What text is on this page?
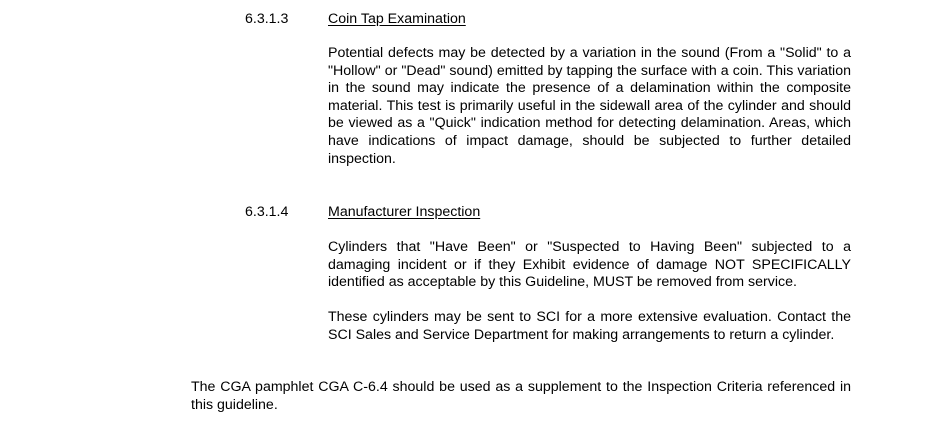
6.3.1.3	Coin Tap Examination

Potential defects may be detected by a variation in the sound (From a "Solid" to a "Hollow" or "Dead" sound) emitted by tapping the surface with a coin. This variation in the sound may indicate the presence of a delamination within the composite material. This test is primarily useful in the sidewall area of the cylinder and should be viewed as a "Quick" indication method for detecting delamination. Areas, which have indications of impact damage, should be subjected to further detailed inspection.

6.3.1.4	Manufacturer Inspection

Cylinders that "Have Been" or "Suspected to Having Been" subjected to a damaging incident or if they Exhibit evidence of damage NOT SPECIFICALLY identified as acceptable by this Guideline, MUST be removed from service.

These cylinders may be sent to SCI for a more extensive evaluation. Contact the SCI Sales and Service Department for making arrangements to return a cylinder.

The CGA pamphlet CGA C-6.4 should be used as a supplement to the Inspection Criteria referenced in this guideline.
